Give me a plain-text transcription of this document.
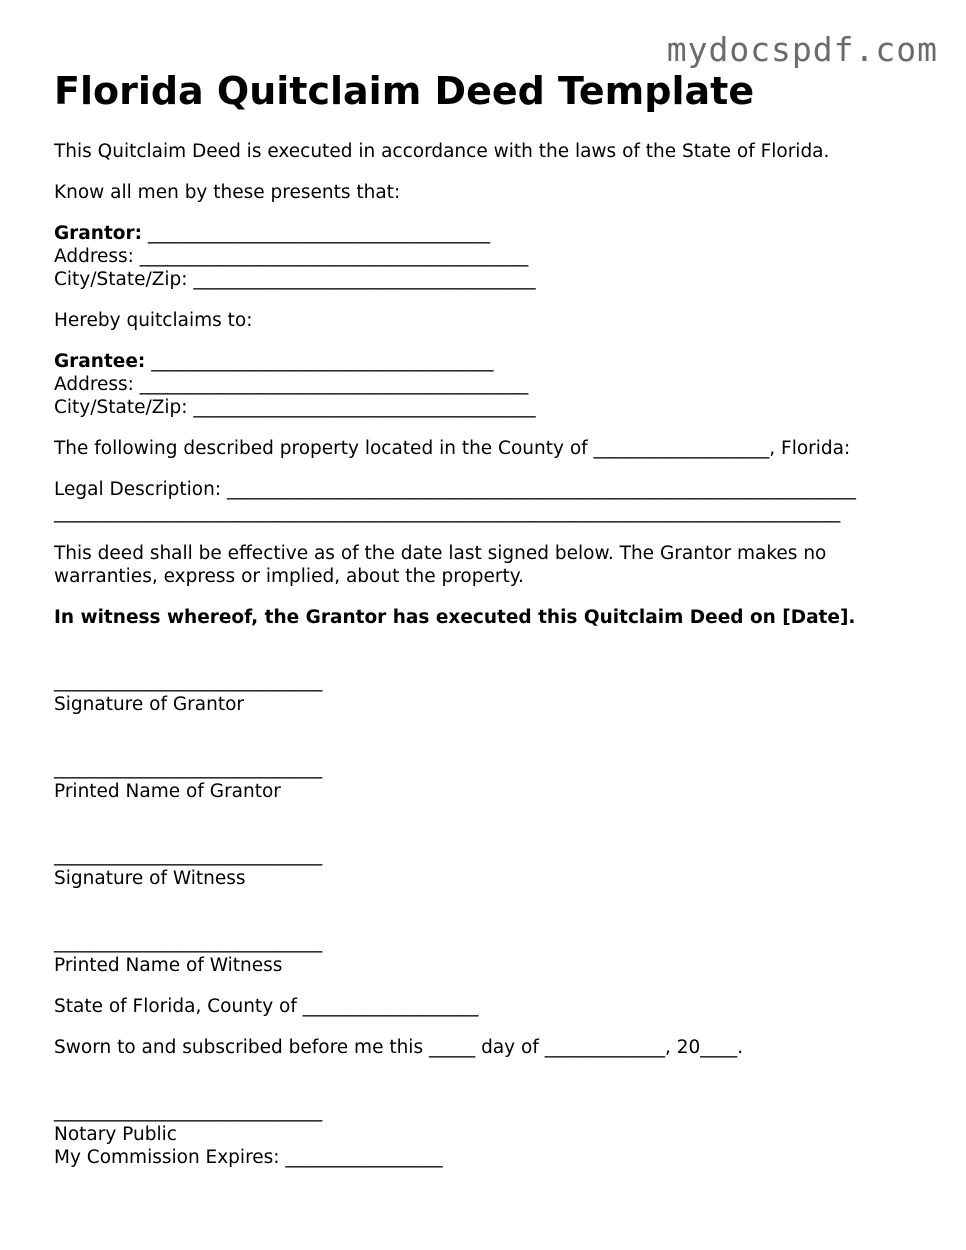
mydocspdf.com
Florida Quitclaim Deed Template

This Quitclaim Deed is executed in accordance with the laws of the State of Florida.

Know all men by these presents that:

Grantor: _____________________________________

Address: __________________________________________

City/State/Zip: _____________________________________

Hereby quitclaims to:

Grantee: _____________________________________

Address: __________________________________________

City/State/Zip: _____________________________________

The following described property located in the County of ___________________, Florida:

Legal Description: ____________________________________________________________________

_____________________________________________________________________________________

This deed shall be effective as of the date last signed below. The Grantor makes no warranties, express or implied, about the property.

In witness whereof, the Grantor has executed this Quitclaim Deed on [Date].

_____________________________

Signature of Grantor

_____________________________

Printed Name of Grantor

_____________________________

Signature of Witness

_____________________________

Printed Name of Witness

State of Florida, County of ___________________

Sworn to and subscribed before me this _____ day of _____________, 20____.

_____________________________

Notary Public

My Commission Expires: _________________
